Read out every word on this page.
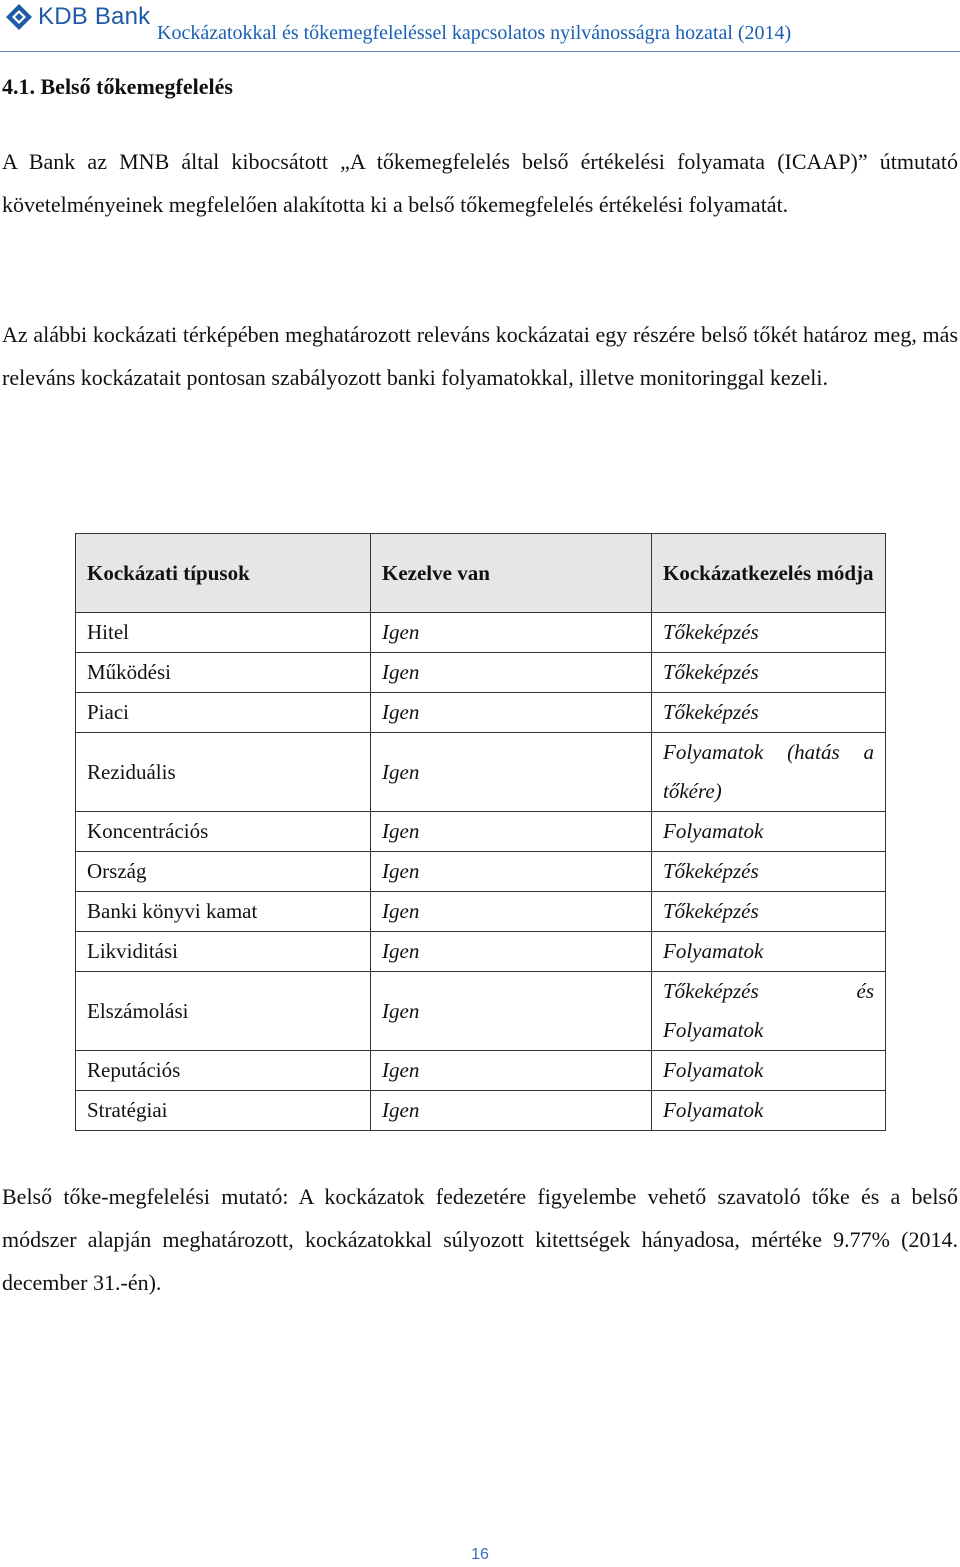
KDB Bank
Kockázatokkal és tőkemegfeleléssel kapcsolatos nyilvánosságra hozatal (2014)
4.1. Belső tőkemegfelelés

A Bank az MNB által kibocsátott „A tőkemegfelelés belső értékelési folyamata (ICAAP)” útmutató követelményeinek megfelelően alakította ki a belső tőkemegfelelés értékelési folyamatát.

Az alábbi kockázati térképében meghatározott releváns kockázatai egy részére belső tőkét határoz meg, más releváns kockázatait pontosan szabályozott banki folyamatokkal, illetve monitoringgal kezeli.

Kockázati típusok	Kezelve van	Kockázatkezelés módja
Hitel	Igen	Tőkeképzés
Működési	Igen	Tőkeképzés
Piaci	Igen	Tőkeképzés
Reziduális	Igen	Folyamatok (hatás a tőkére)

Koncentrációs	Igen	Folyamatok
Ország	Igen	Tőkeképzés
Banki könyvi kamat	Igen	Tőkeképzés
Likviditási	Igen	Folyamatok
Elszámolási	Igen	Tőkeképzés és Folyamatok

Reputációs	Igen	Folyamatok
Stratégiai	Igen	Folyamatok

Belső tőke-megfelelési mutató: A kockázatok fedezetére figyelembe vehető szavatoló tőke és a belső módszer alapján meghatározott, kockázatokkal súlyozott kitettségek hányadosa, mértéke 9.77% (2014. december 31.-én).

16
